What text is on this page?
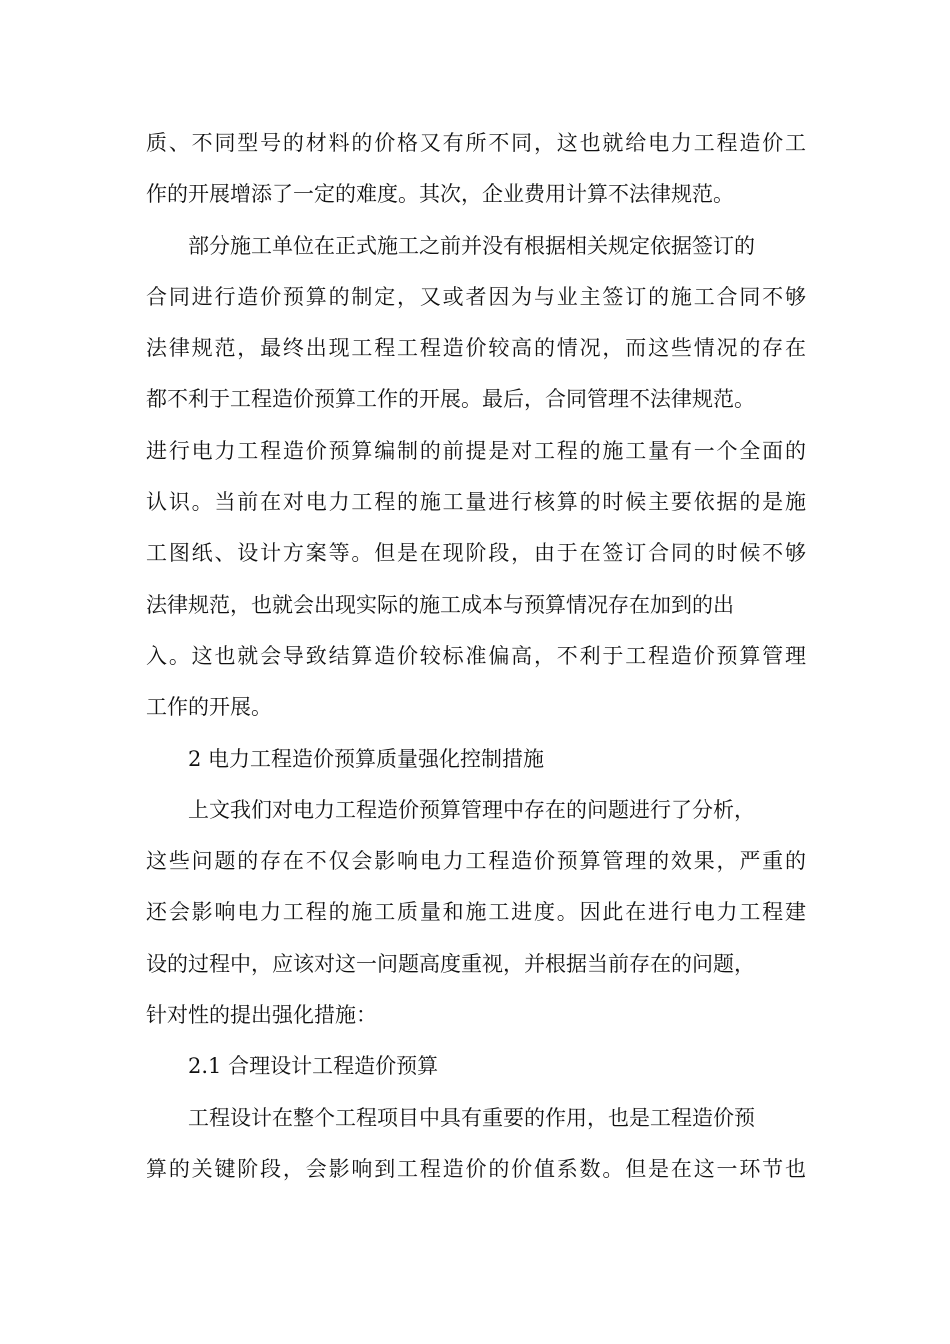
质、不同型号的材料的价格又有所不同，这也就给电力工程造价工
作的开展增添了一定的难度。其次，企业费用计算不法律规范。
部分施工单位在正式施工之前并没有根据相关规定依据签订的
合同进行造价预算的制定，又或者因为与业主签订的施工合同不够
法律规范，最终出现工程工程造价较高的情况，而这些情况的存在
都不利于工程造价预算工作的开展。最后，合同管理不法律规范。
进行电力工程造价预算编制的前提是对工程的施工量有一个全面的
认识。当前在对电力工程的施工量进行核算的时候主要依据的是施
工图纸、设计方案等。但是在现阶段，由于在签订合同的时候不够
法律规范，也就会出现实际的施工成本与预算情况存在加到的出
入。这也就会导致结算造价较标准偏高，不利于工程造价预算管理
工作的开展。
2 电力工程造价预算质量强化控制措施
上文我们对电力工程造价预算管理中存在的问题进行了分析，
这些问题的存在不仅会影响电力工程造价预算管理的效果，严重的
还会影响电力工程的施工质量和施工进度。因此在进行电力工程建
设的过程中，应该对这一问题高度重视，并根据当前存在的问题，
针对性的提出强化措施：
2.1 合理设计工程造价预算
工程设计在整个工程项目中具有重要的作用，也是工程造价预
算的关键阶段，会影响到工程造价的价值系数。但是在这一环节也
